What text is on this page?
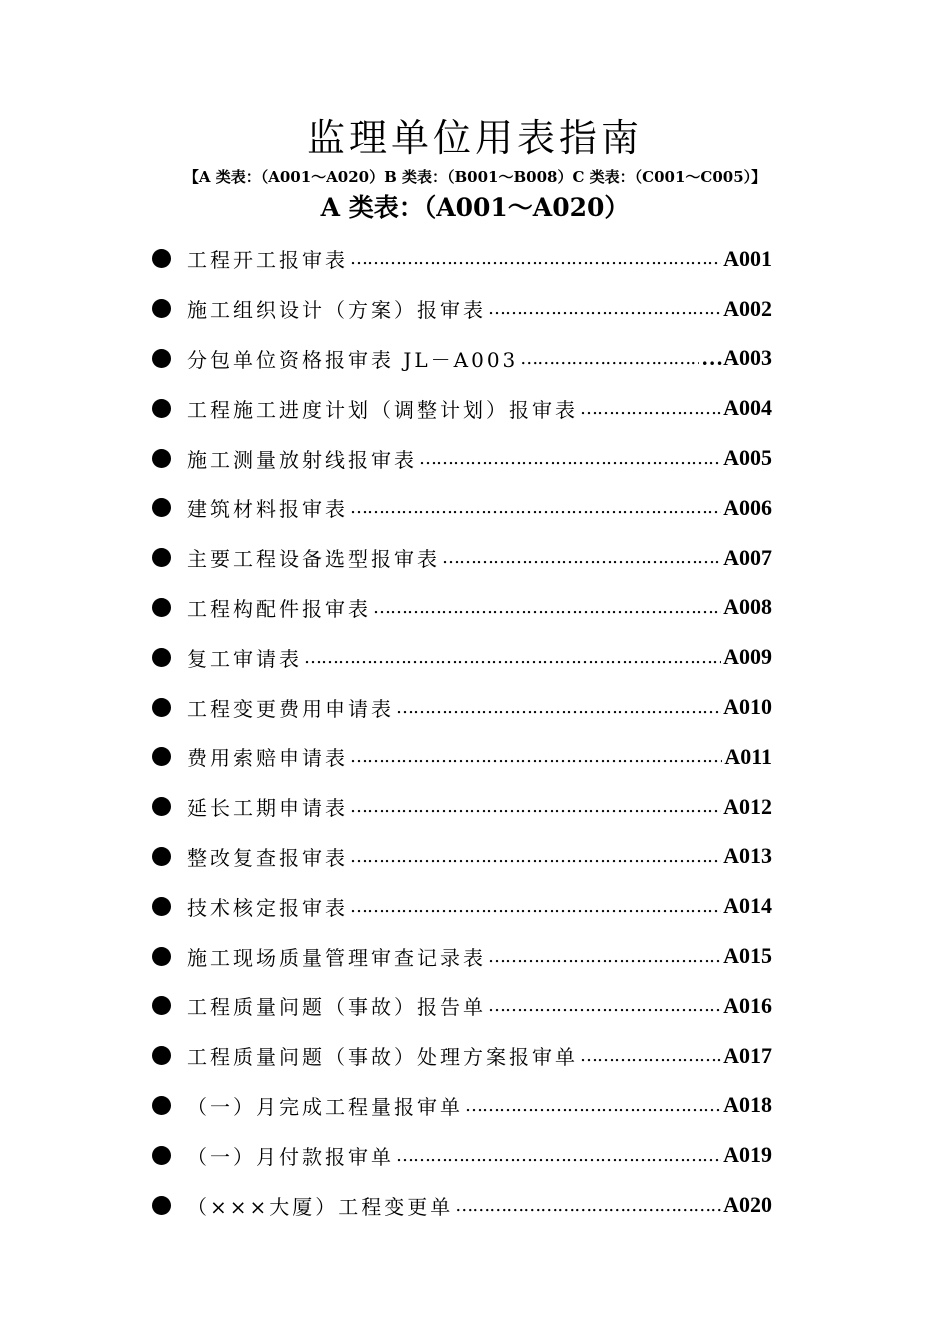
监理单位用表指南
【A 类表：（A001～A020）B 类表：（B001～B008）C 类表：（C001～C005）】
A 类表：（A001～A020）
工程开工报审表 ……………………………………………………………………………………………………………………………………………………	A001
施工组织设计（方案）报审表 ……………………………………………………………………………………………………………………………………………………	A002
分包单位资格报审表 JL－A003 ……………………………………………………………………………………………………………………………………………………	…A003
工程施工进度计划（调整计划）报审表 ……………………………………………………………………………………………………………………………………………………	A004
施工测量放射线报审表 ……………………………………………………………………………………………………………………………………………………	A005
建筑材料报审表 ……………………………………………………………………………………………………………………………………………………	A006
主要工程设备选型报审表 ……………………………………………………………………………………………………………………………………………………	A007
工程构配件报审表 ……………………………………………………………………………………………………………………………………………………	A008
复工审请表 ……………………………………………………………………………………………………………………………………………………	A009
工程变更费用申请表 ……………………………………………………………………………………………………………………………………………………	A010
费用索赔申请表 ……………………………………………………………………………………………………………………………………………………	A011
延长工期申请表 ……………………………………………………………………………………………………………………………………………………	A012
整改复查报审表 ……………………………………………………………………………………………………………………………………………………	A013
技术核定报审表 ……………………………………………………………………………………………………………………………………………………	A014
施工现场质量管理审查记录表 ……………………………………………………………………………………………………………………………………………………	A015
工程质量问题（事故）报告单 ……………………………………………………………………………………………………………………………………………………	A016
工程质量问题（事故）处理方案报审单 ……………………………………………………………………………………………………………………………………………………	A017
（一）月完成工程量报审单 ……………………………………………………………………………………………………………………………………………………	A018
（一）月付款报审单 ……………………………………………………………………………………………………………………………………………………	A019
（×××大厦）工程变更单 ……………………………………………………………………………………………………………………………………………………	A020
